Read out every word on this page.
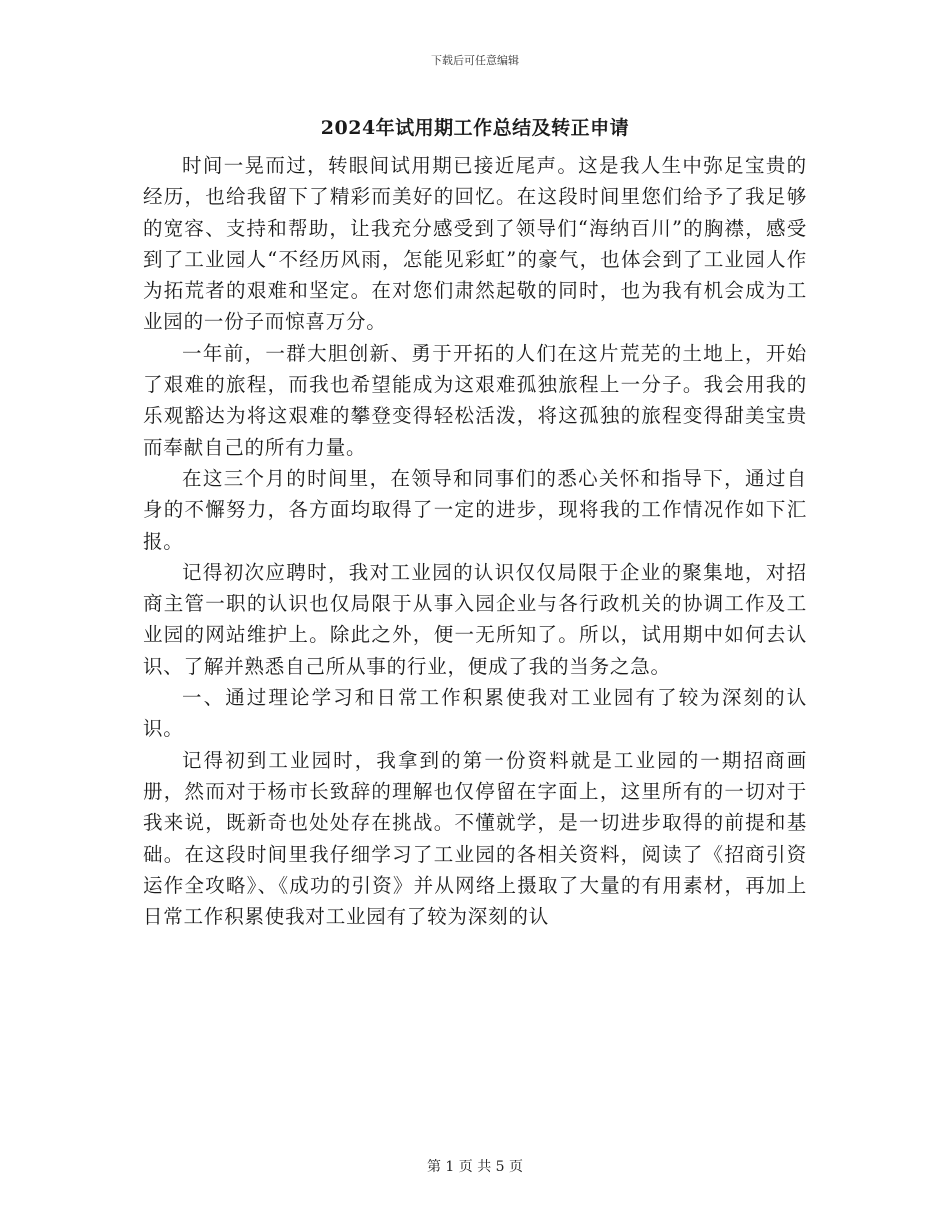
下载后可任意编辑
2024年试用期工作总结及转正申请

时间一晃而过，转眼间试用期已接近尾声。这是我人生中弥足宝贵的经历，也给我留下了精彩而美好的回忆。在这段时间里您们给予了我足够的宽容、支持和帮助，让我充分感受到了领导们“海纳百川”的胸襟，感受到了工业园人“不经历风雨，怎能见彩虹”的豪气，也体会到了工业园人作为拓荒者的艰难和坚定。在对您们肃然起敬的同时，也为我有机会成为工业园的一份子而惊喜万分。

一年前，一群大胆创新、勇于开拓的人们在这片荒芜的土地上，开始了艰难的旅程，而我也希望能成为这艰难孤独旅程上一分子。我会用我的乐观豁达为将这艰难的攀登变得轻松活泼，将这孤独的旅程变得甜美宝贵而奉献自己的所有力量。

在这三个月的时间里，在领导和同事们的悉心关怀和指导下，通过自身的不懈努力，各方面均取得了一定的进步，现将我的工作情况作如下汇报。

记得初次应聘时，我对工业园的认识仅仅局限于企业的聚集地，对招商主管一职的认识也仅局限于从事入园企业与各行政机关的协调工作及工业园的网站维护上。除此之外，便一无所知了。所以，试用期中如何去认识、了解并熟悉自己所从事的行业，便成了我的当务之急。

一、通过理论学习和日常工作积累使我对工业园有了较为深刻的认识。

记得初到工业园时，我拿到的第一份资料就是工业园的一期招商画册，然而对于杨市长致辞的理解也仅停留在字面上，这里所有的一切对于我来说，既新奇也处处存在挑战。不懂就学，是一切进步取得的前提和基础。在这段时间里我仔细学习了工业园的各相关资料，阅读了《招商引资运作全攻略》、《成功的引资》并从网络上摄取了大量的有用素材，再加上日常工作积累使我对工业园有了较为深刻的认

第 1 页 共 5 页
